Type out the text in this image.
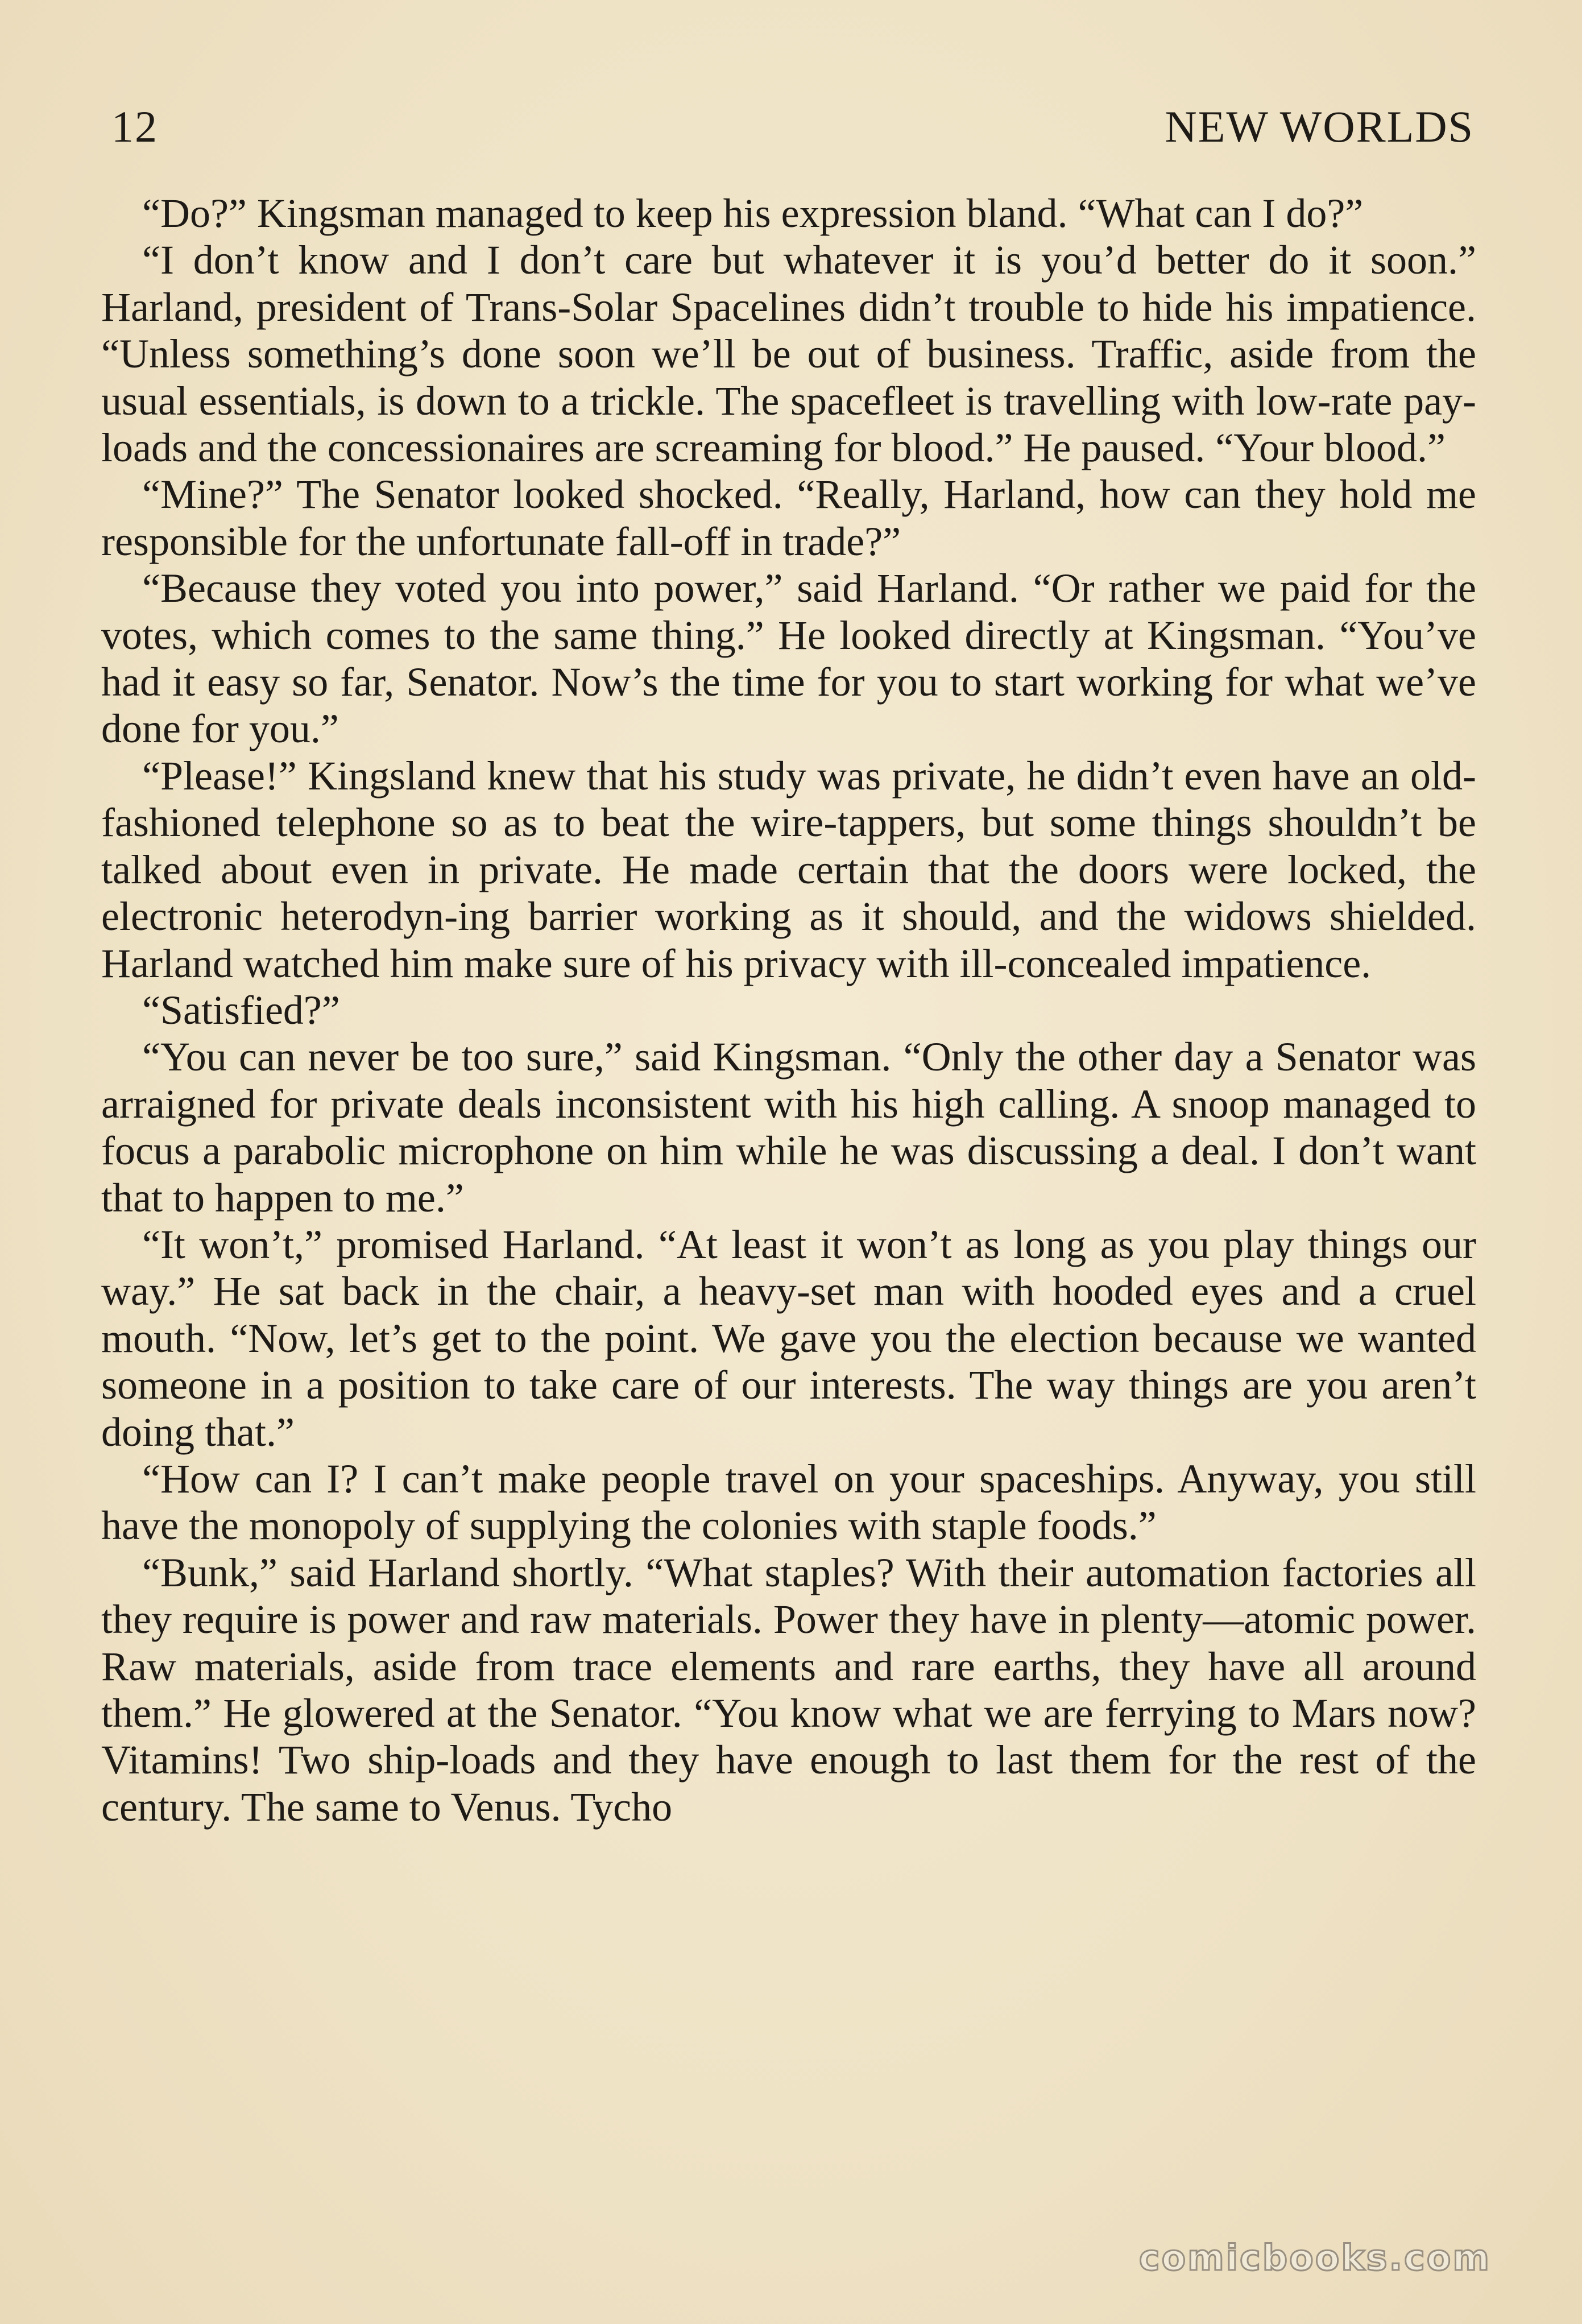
12	NEW WORLDS

“Do?” Kingsman managed to keep his expression bland. “What can I do?”

“I don’t know and I don’t care but whatever it is you’d better do it soon.” Harland, president of Trans-Solar Spacelines didn’t trouble to hide his impatience. “Unless something’s done soon we’ll be out of business. Traffic, aside from the usual essentials, is down to a trickle. The spacefleet is travelling with low-rate pay-loads and the concessionaires are screaming for blood.” He paused. “Your blood.”

“Mine?” The Senator looked shocked. “Really, Harland, how can they hold me responsible for the unfortunate fall-off in trade?”

“Because they voted you into power,” said Harland. “Or rather we paid for the votes, which comes to the same thing.” He looked directly at Kingsman. “You’ve had it easy so far, Senator. Now’s the time for you to start working for what we’ve done for you.”

“Please!” Kingsland knew that his study was private, he didn’t even have an old-fashioned telephone so as to beat the wire-tappers, but some things shouldn’t be talked about even in private. He made certain that the doors were locked, the electronic heterodyn-ing barrier working as it should, and the widows shielded. Harland watched him make sure of his privacy with ill-concealed impatience.

“Satisfied?”

“You can never be too sure,” said Kingsman. “Only the other day a Senator was arraigned for private deals inconsistent with his high calling. A snoop managed to focus a parabolic microphone on him while he was discussing a deal. I don’t want that to happen to me.”

“It won’t,” promised Harland. “At least it won’t as long as you play things our way.” He sat back in the chair, a heavy-set man with hooded eyes and a cruel mouth. “Now, let’s get to the point. We gave you the election because we wanted someone in a position to take care of our interests. The way things are you aren’t doing that.”

“How can I? I can’t make people travel on your spaceships. Anyway, you still have the monopoly of supplying the colonies with staple foods.”

“Bunk,” said Harland shortly. “What staples? With their automation factories all they require is power and raw materials. Power they have in plenty—atomic power. Raw materials, aside from trace elements and rare earths, they have all around them.” He glowered at the Senator. “You know what we are ferrying to Mars now? Vitamins! Two ship-loads and they have enough to last them for the rest of the century. The same to Venus. Tycho

comicbooks.com
